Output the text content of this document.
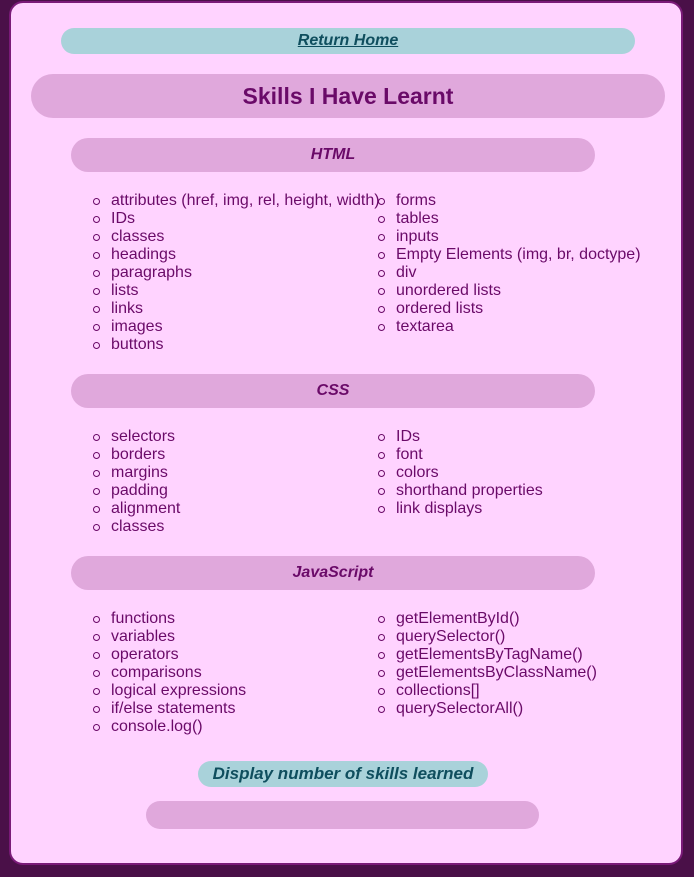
Return Home
Skills I Have Learnt
HTML
attributes (href, img, rel, height, width)
IDs
classes
headings
paragraphs
lists
links
images
buttons
forms
tables
inputs
Empty Elements (img, br, doctype)
div
unordered lists
ordered lists
textarea
CSS
selectors
borders
margins
padding
alignment
classes
IDs
font
colors
shorthand properties
link displays
JavaScript
functions
variables
operators
comparisons
logical expressions
if/else statements
console.log()
getElementById()
querySelector()
getElementsByTagName()
getElementsByClassName()
collections[]
querySelectorAll()
Display number of skills learned
